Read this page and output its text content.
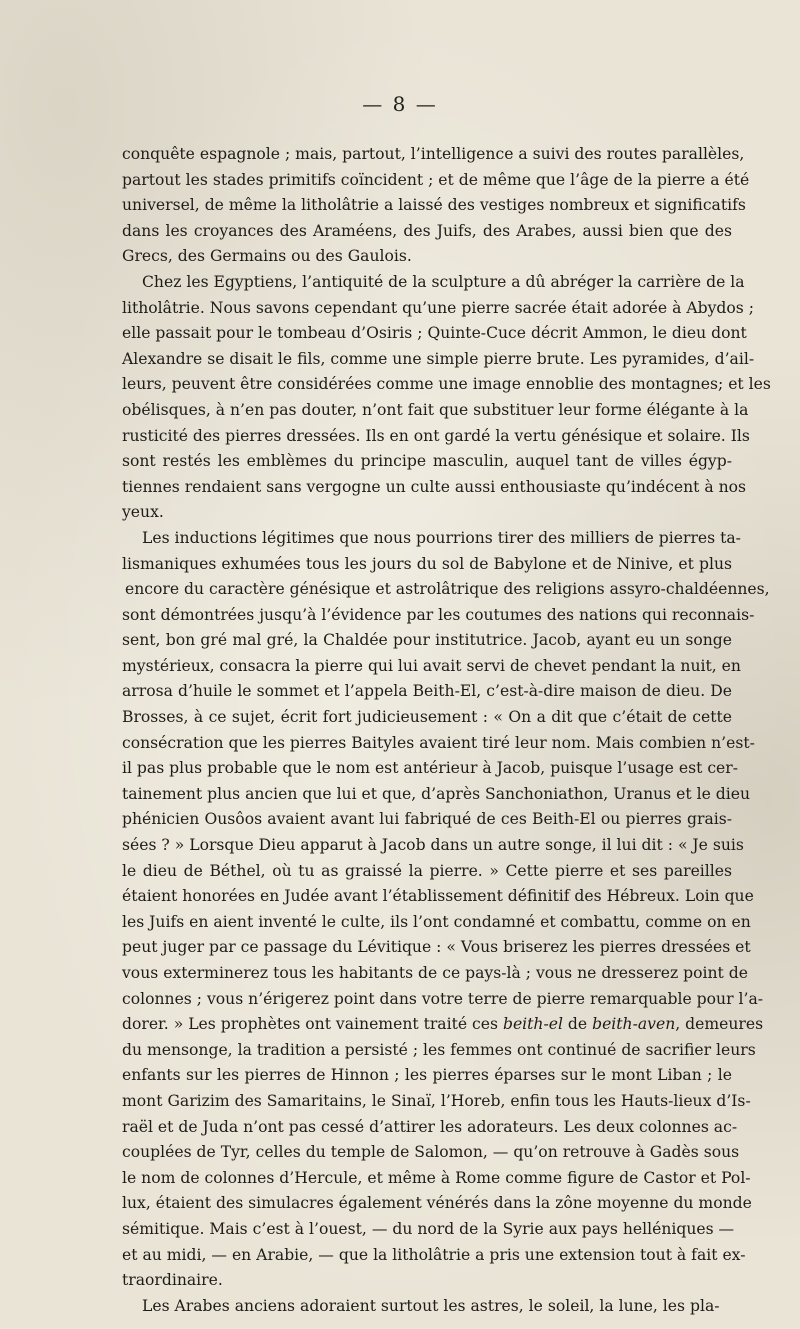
— 8 —
conquête espagnole ; mais, partout, l’intelligence a suivi des routes parallèles,
partout les stades primitifs coïncident ; et de même que l’âge de la pierre a été
universel, de même la litholâtrie a laissé des vestiges nombreux et significatifs
dans les croyances des Araméens, des Juifs, des Arabes, aussi bien que des
Grecs, des Germains ou des Gaulois.
Chez les Egyptiens, l’antiquité de la sculpture a dû abréger la carrière de la
litholâtrie. Nous savons cependant qu’une pierre sacrée était adorée à Abydos ;
elle passait pour le tombeau d’Osiris ; Quinte-Cuce décrit Ammon, le dieu dont
Alexandre se disait le fils, comme une simple pierre brute. Les pyramides, d’ail-
leurs, peuvent être considérées comme une image ennoblie des montagnes; et les
obélisques, à n’en pas douter, n’ont fait que substituer leur forme élégante à la
rusticité des pierres dressées. Ils en ont gardé la vertu génésique et solaire. Ils
sont restés les emblèmes du principe masculin, auquel tant de villes égyp-
tiennes rendaient sans vergogne un culte aussi enthousiaste qu’indécent à nos
yeux.
Les inductions légitimes que nous pourrions tirer des milliers de pierres ta-
lismaniques exhumées tous les jours du sol de Babylone et de Ninive, et plus
encore du caractère génésique et astrolâtrique des religions assyro-chaldéennes,
sont démontrées jusqu’à l’évidence par les coutumes des nations qui reconnais-
sent, bon gré mal gré, la Chaldée pour institutrice. Jacob, ayant eu un songe
mystérieux, consacra la pierre qui lui avait servi de chevet pendant la nuit, en
arrosa d’huile le sommet et l’appela Beith-El, c’est-à-dire maison de dieu. De
Brosses, à ce sujet, écrit fort judicieusement : « On a dit que c’était de cette
consécration que les pierres Baityles avaient tiré leur nom. Mais combien n’est-
il pas plus probable que le nom est antérieur à Jacob, puisque l’usage est cer-
tainement plus ancien que lui et que, d’après Sanchoniathon, Uranus et le dieu
phénicien Ousôos avaient avant lui fabriqué de ces Beith-El ou pierres grais-
sées ? » Lorsque Dieu apparut à Jacob dans un autre songe, il lui dit : « Je suis
le dieu de Béthel, où tu as graissé la pierre. » Cette pierre et ses pareilles
étaient honorées en Judée avant l’établissement définitif des Hébreux. Loin que
les Juifs en aient inventé le culte, ils l’ont condamné et combattu, comme on en
peut juger par ce passage du Lévitique : « Vous briserez les pierres dressées et
vous exterminerez tous les habitants de ce pays-là ; vous ne dresserez point de
colonnes ; vous n’érigerez point dans votre terre de pierre remarquable pour l’a-
dorer. » Les prophètes ont vainement traité ces beith-el de beith-aven, demeures
du mensonge, la tradition a persisté ; les femmes ont continué de sacrifier leurs
enfants sur les pierres de Hinnon ; les pierres éparses sur le mont Liban ; le
mont Garizim des Samaritains, le Sinaï, l’Horeb, enfin tous les Hauts-lieux d’Is-
raël et de Juda n’ont pas cessé d’attirer les adorateurs. Les deux colonnes ac-
couplées de Tyr, celles du temple de Salomon, — qu’on retrouve à Gadès sous
le nom de colonnes d’Hercule, et même à Rome comme figure de Castor et Pol-
lux, étaient des simulacres également vénérés dans la zône moyenne du monde
sémitique. Mais c’est à l’ouest, — du nord de la Syrie aux pays helléniques —
et au midi, — en Arabie, — que la litholâtrie a pris une extension tout à fait ex-
traordinaire.
Les Arabes anciens adoraient surtout les astres, le soleil, la lune, les pla-
